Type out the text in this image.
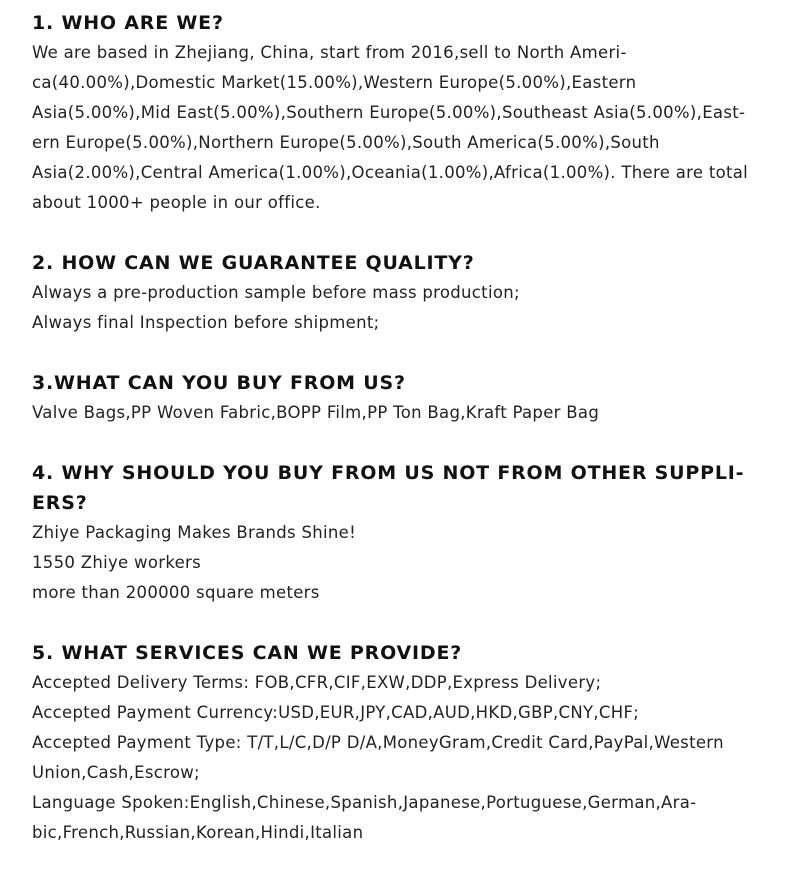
1. WHO ARE WE?

We are based in Zhejiang, China, start from 2016,sell to North Ameri-

ca(40.00%),Domestic Market(15.00%),Western Europe(5.00%),Eastern

Asia(5.00%),Mid East(5.00%),Southern Europe(5.00%),Southeast Asia(5.00%),East-

ern Europe(5.00%),Northern Europe(5.00%),South America(5.00%),South

Asia(2.00%),Central America(1.00%),Oceania(1.00%),Africa(1.00%). There are total

about 1000+ people in our office.

2. HOW CAN WE GUARANTEE QUALITY?

Always a pre-production sample before mass production;

Always final Inspection before shipment;

3.WHAT CAN YOU BUY FROM US?

Valve Bags,PP Woven Fabric,BOPP Film,PP Ton Bag,Kraft Paper Bag

4. WHY SHOULD YOU BUY FROM US NOT FROM OTHER SUPPLI-
ERS?

Zhiye Packaging Makes Brands Shine!

1550 Zhiye workers

more than 200000 square meters

5. WHAT SERVICES CAN WE PROVIDE?

Accepted Delivery Terms: FOB,CFR,CIF,EXW,DDP,Express Delivery;

Accepted Payment Currency:USD,EUR,JPY,CAD,AUD,HKD,GBP,CNY,CHF;

Accepted Payment Type: T/T,L/C,D/P D/A,MoneyGram,Credit Card,PayPal,Western

Union,Cash,Escrow;

Language Spoken:English,Chinese,Spanish,Japanese,Portuguese,German,Ara-

bic,French,Russian,Korean,Hindi,Italian
